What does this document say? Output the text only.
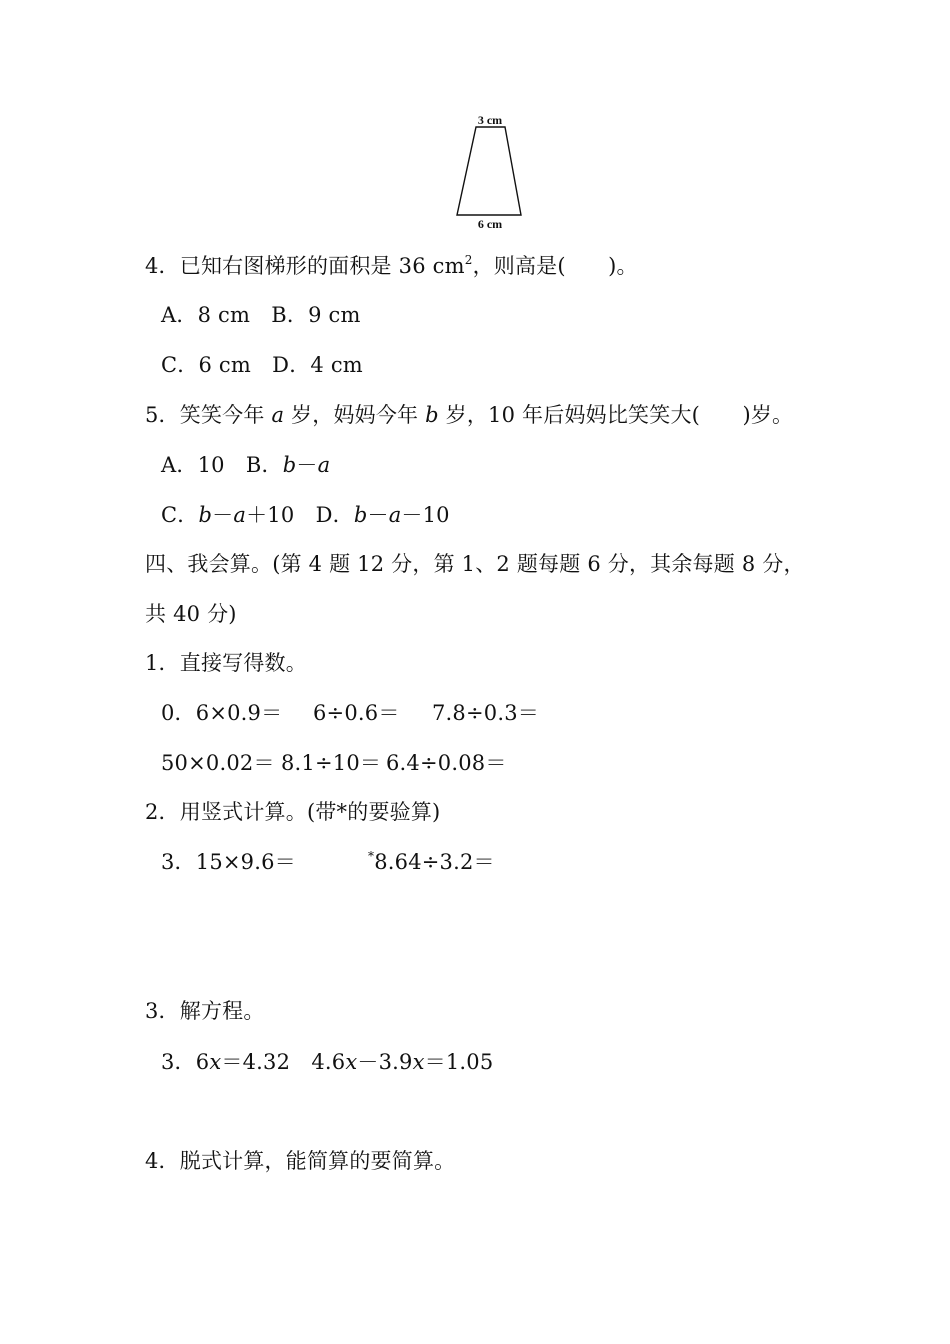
3 cm
6 cm
4．已知右图梯形的面积是 36 $cm^2$，则高是(　　)。
A．8 cm　B．9 cm
C．6 cm　D．4 cm
5．笑笑今年 a 岁，妈妈今年 b 岁，10 年后妈妈比笑笑大(　　)岁。
A．10　B．b－a
C．b－a＋10　D．b－a－10
四、我会算。(第 4 题 12 分，第 1、2 题每题 6 分，其余每题 8 分，
共 40 分)
1．直接写得数。
0．6×0.9＝ 6÷0.6＝ 7.8÷0.3＝
50×0.02＝ 8.1÷10＝ 6.4÷0.08＝
2．用竖式计算。(带*的要验算)
3．15×9.6＝	*8.64÷3.2＝
3．解方程。
3．6x＝4.32　4.6x－3.9x＝1.05
4．脱式计算，能简算的要简算。
